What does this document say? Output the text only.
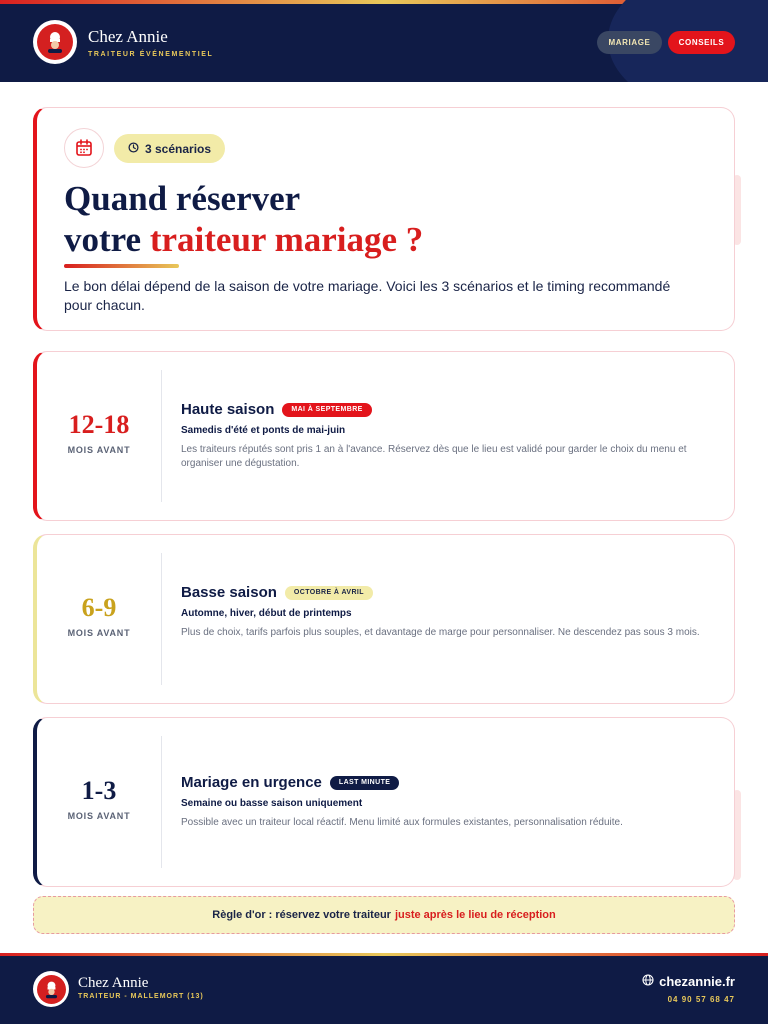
Chez Annie
TRAITEUR ÉVÉNEMENTIEL
MARIAGE	CONSEILS
3 scénarios
Quand réserver
votre traiteur mariage ?
Le bon délai dépend de la saison de votre mariage. Voici les 3 scénarios et le timing recommandé pour chacun.
12-18
MOIS AVANT
Haute saison	MAI À SEPTEMBRE
Samedis d'été et ponts de mai-juin
Les traiteurs réputés sont pris 1 an à l'avance. Réservez dès que le lieu est validé pour garder le choix du menu et organiser une dégustation.
6-9
MOIS AVANT
Basse saison	OCTOBRE À AVRIL
Automne, hiver, début de printemps
Plus de choix, tarifs parfois plus souples, et davantage de marge pour personnaliser. Ne descendez pas sous 3 mois.
1-3
MOIS AVANT
Mariage en urgence	LAST MINUTE
Semaine ou basse saison uniquement
Possible avec un traiteur local réactif. Menu limité aux formules existantes, personnalisation réduite.
Règle d'or : réservez votre traiteur juste après le lieu de réception
Chez Annie
TRAITEUR - MALLEMORT (13)
chezannie.fr
04 90 57 68 47
